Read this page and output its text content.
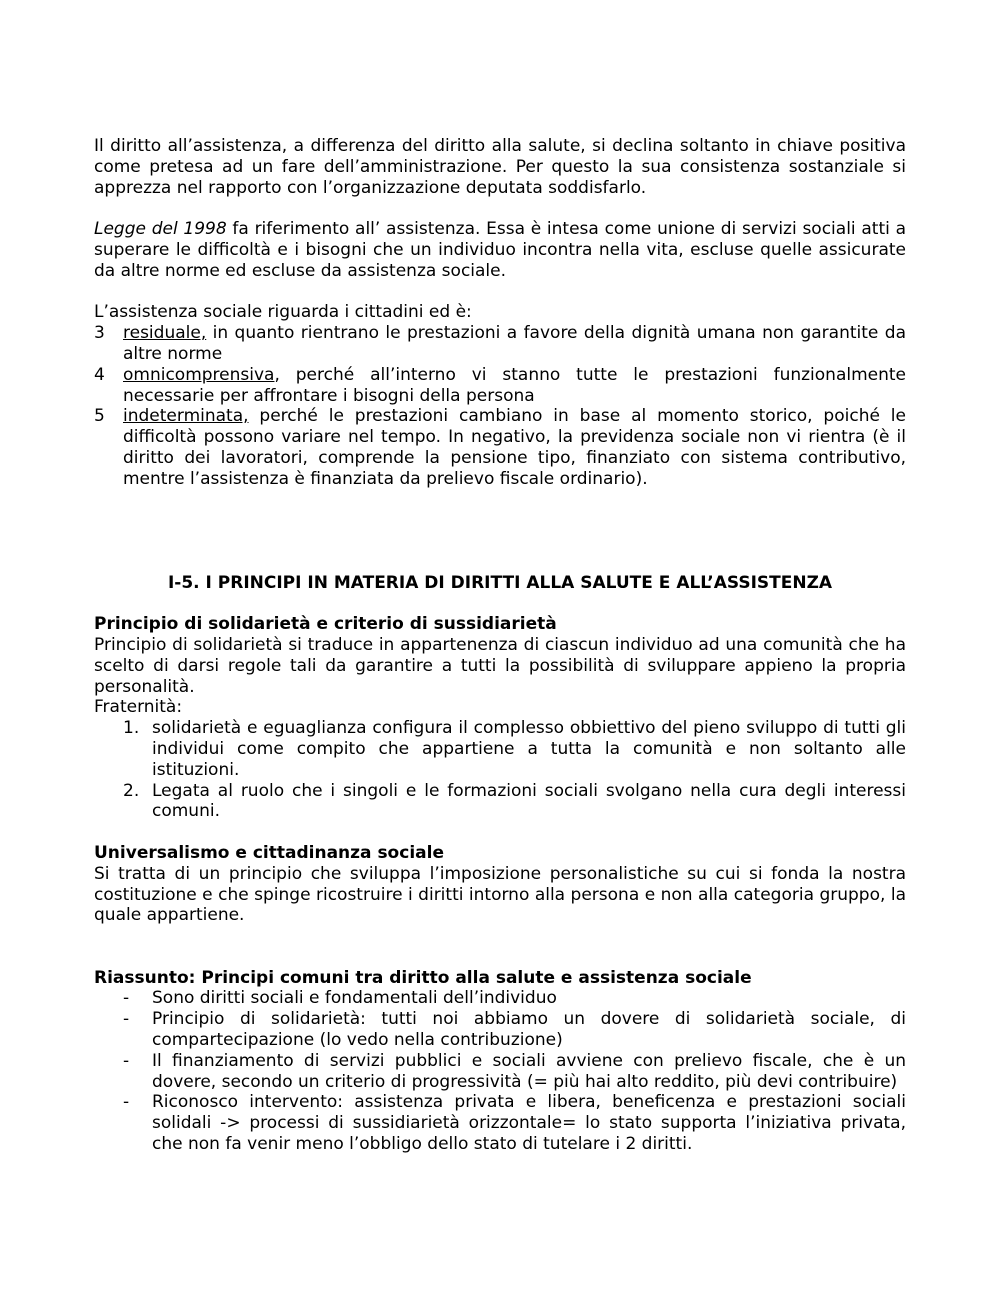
Il diritto all’assistenza, a differenza del diritto alla salute, si declina soltanto in chiave positiva come pretesa ad un fare dell’amministrazione. Per questo la sua consistenza sostanziale si apprezza nel rapporto con l’organizzazione deputata soddisfarlo.

Legge del 1998 fa riferimento all’ assistenza. Essa è intesa come unione di servizi sociali atti a superare le difficoltà e i bisogni che un individuo incontra nella vita, escluse quelle assicurate da altre norme ed escluse da assistenza sociale.

L’assistenza sociale riguarda i cittadini ed è:

3	residuale, in quanto rientrano le prestazioni a favore della dignità umana non garantite da altre norme
4	omnicomprensiva, perché all’interno vi stanno tutte le prestazioni funzionalmente necessarie per affrontare i bisogni della persona
5	indeterminata, perché le prestazioni cambiano in base al momento storico, poiché le difficoltà possono variare nel tempo. In negativo, la previdenza sociale non vi rientra (è il diritto dei lavoratori, comprende la pensione tipo, finanziato con sistema contributivo, mentre l’assistenza è finanziata da prelievo fiscale ordinario).

I-5. I PRINCIPI IN MATERIA DI DIRITTI ALLA SALUTE E ALL’ASSISTENZA

Principio di solidarietà e criterio di sussidiarietà

Principio di solidarietà si traduce in appartenenza di ciascun individuo ad una comunità che ha scelto di darsi regole tali da garantire a tutti la possibilità di sviluppare appieno la propria personalità.

Fraternità:

1. solidarietà e eguaglianza configura il complesso obbiettivo del pieno sviluppo di tutti gli individui come compito che appartiene a tutta la comunità e non soltanto alle istituzioni.
2. Legata al ruolo che i singoli e le formazioni sociali svolgano nella cura degli interessi comuni.

Universalismo e cittadinanza sociale

Si tratta di un principio che sviluppa l’imposizione personalistiche su cui si fonda la nostra costituzione e che spinge ricostruire i diritti intorno alla persona e non alla categoria gruppo, la quale appartiene.

Riassunto: Principi comuni tra diritto alla salute e assistenza sociale

-	Sono diritti sociali e fondamentali dell’individuo
-	Principio di solidarietà: tutti noi abbiamo un dovere di solidarietà sociale, di compartecipazione (lo vedo nella contribuzione)
-	Il finanziamento di servizi pubblici e sociali avviene con prelievo fiscale, che è un dovere, secondo un criterio di progressività (= più hai alto reddito, più devi contribuire)
-	Riconosco intervento: assistenza privata e libera, beneficenza e prestazioni sociali solidali -> processi di sussidiarietà orizzontale= lo stato supporta l’iniziativa privata, che non fa venir meno l’obbligo dello stato di tutelare i 2 diritti.
